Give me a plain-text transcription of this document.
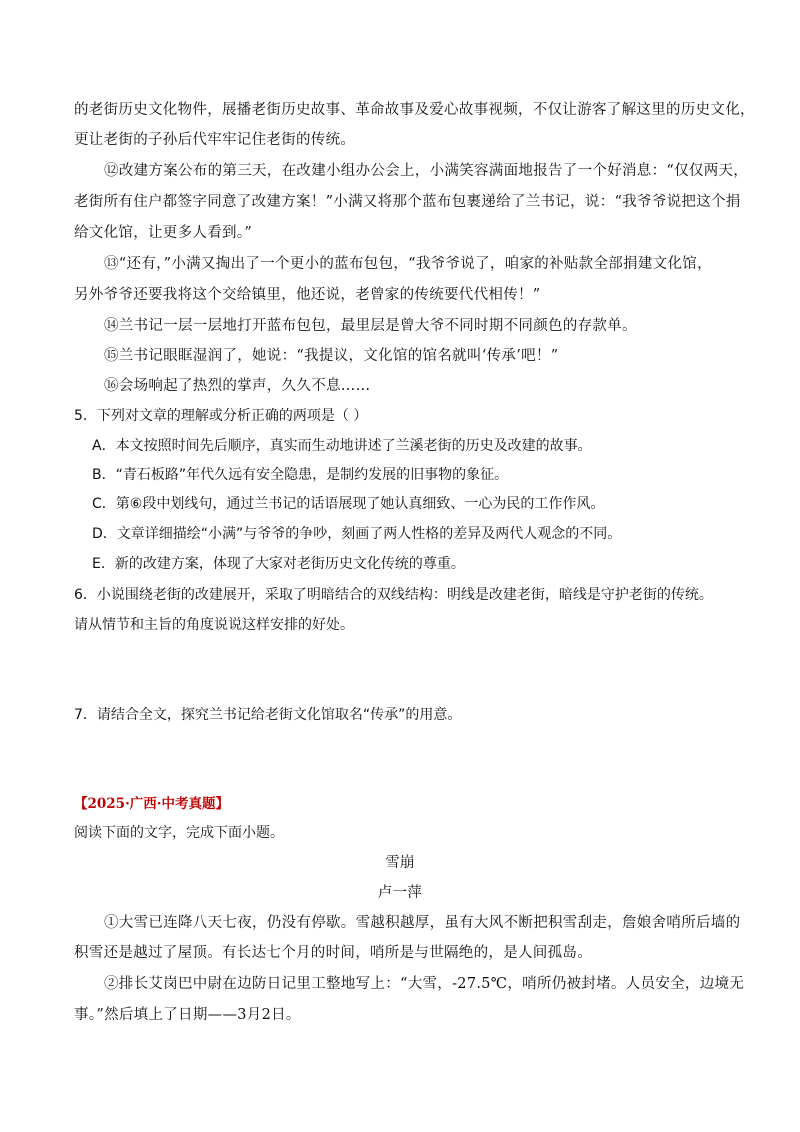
的老街历史文化物件，展播老街历史故事、革命故事及爱心故事视频，不仅让游客了解这里的历史文化，
更让老街的子孙后代牢牢记住老街的传统。
⑫改建方案公布的第三天，在改建小组办公会上，小满笑容满面地报告了一个好消息：“仅仅两天，
老街所有住户都签字同意了改建方案！”小满又将那个蓝布包裹递给了兰书记，说：“我爷爷说把这个捐
给文化馆，让更多人看到。”
⑬“还有，”小满又掏出了一个更小的蓝布包包，“我爷爷说了，咱家的补贴款全部捐建文化馆，
另外爷爷还要我将这个交给镇里，他还说，老曾家的传统要代代相传！”
⑭兰书记一层一层地打开蓝布包包，最里层是曾大爷不同时期不同颜色的存款单。
⑮兰书记眼眶湿润了，她说：“我提议，文化馆的馆名就叫‘传承’吧！”
⑯会场响起了热烈的掌声，久久不息……
5．下列对文章的理解或分析正确的两项是（ ）
A．本文按照时间先后顺序，真实而生动地讲述了兰溪老街的历史及改建的故事。
B．“青石板路”年代久远有安全隐患，是制约发展的旧事物的象征。
C．第⑥段中划线句，通过兰书记的话语展现了她认真细致、一心为民的工作作风。
D．文章详细描绘“小满”与爷爷的争吵，刻画了两人性格的差异及两代人观念的不同。
E．新的改建方案，体现了大家对老街历史文化传统的尊重。
6．小说围绕老街的改建展开，采取了明暗结合的双线结构：明线是改建老街，暗线是守护老街的传统。
请从情节和主旨的角度说说这样安排的好处。
7．请结合全文，探究兰书记给老街文化馆取名“传承”的用意。
【2025·广西·中考真题】
阅读下面的文字，完成下面小题。
雪崩
卢一萍
①大雪已连降八天七夜，仍没有停歇。雪越积越厚，虽有大风不断把积雪刮走，詹娘舍哨所后墙的
积雪还是越过了屋顶。有长达七个月的时间，哨所是与世隔绝的，是人间孤岛。
②排长艾岗巴中尉在边防日记里工整地写上：“大雪，-27.5℃，哨所仍被封堵。人员安全，边境无
事。”然后填上了日期——3月2日。
